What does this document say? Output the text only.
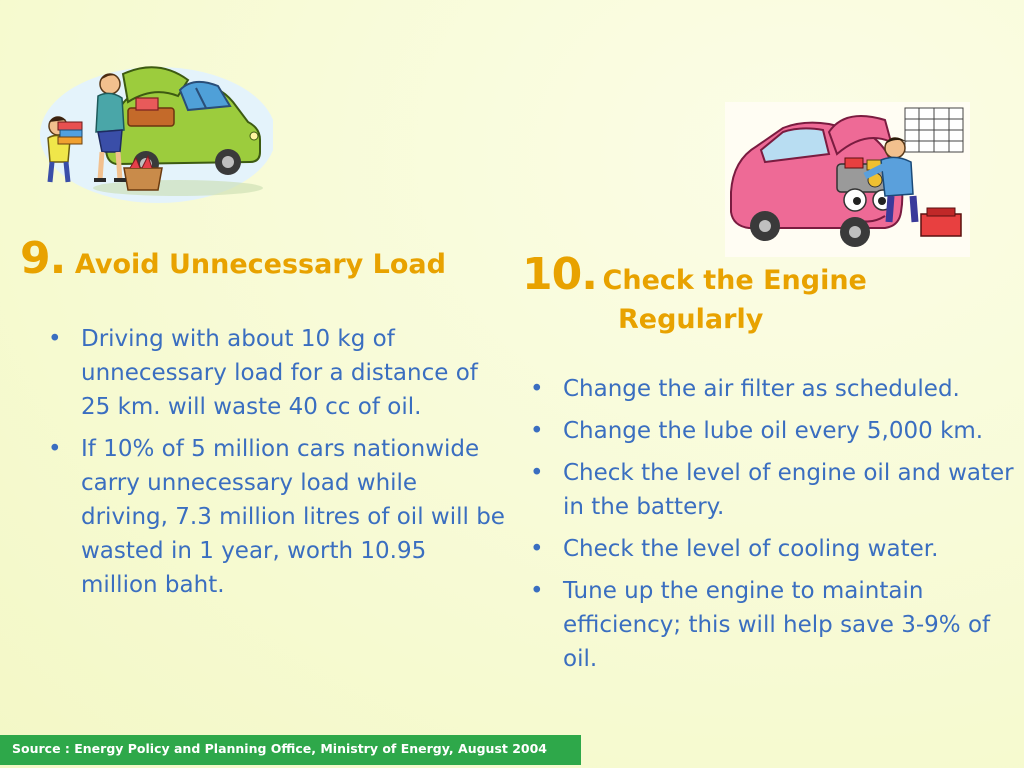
9. Avoid Unnecessary Load
• Driving with about 10 kg of unnecessary load for a distance of 25 km. will waste 40 cc of oil.
• If 10% of 5 million cars nationwide carry unnecessary load while driving, 7.3 million litres of oil will be wasted in 1 year, worth 10.95 million baht.
10. Check the Engine
Regularly
• Change the air filter as scheduled.
• Change the lube oil every 5,000 km.
• Check the level of engine oil and water in the battery.
• Check the level of cooling water.
• Tune up the engine to maintain efficiency; this will help save 3-9% of oil.
Source : Energy Policy and Planning Office, Ministry of Energy, August 2004
